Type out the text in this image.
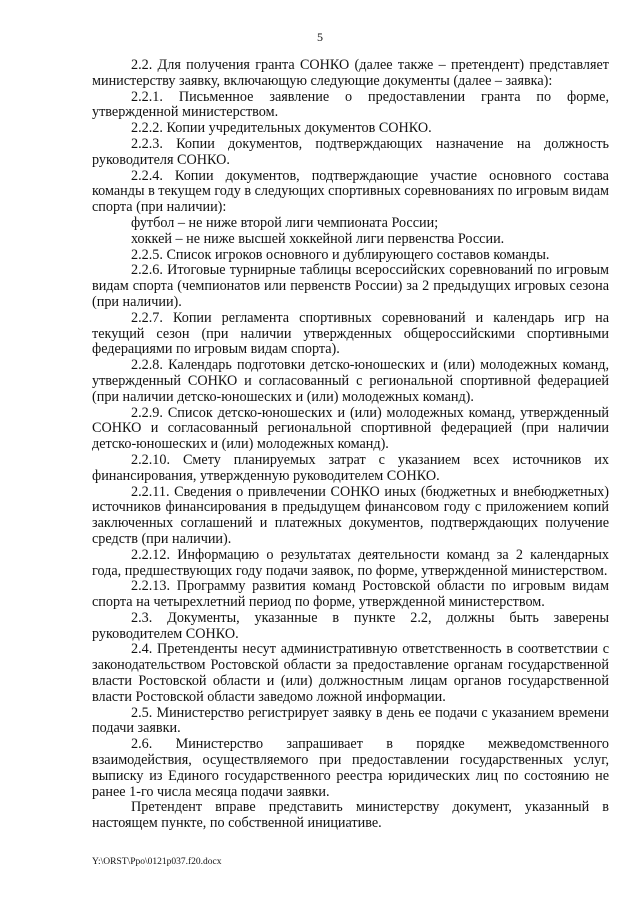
5

2.2. Для получения гранта СОНКО (далее также – претендент) представляет министерству заявку, включающую следующие документы (далее – заявка):

2.2.1. Письменное заявление о предоставлении гранта по форме, утвержденной министерством.

2.2.2. Копии учредительных документов СОНКО.

2.2.3. Копии документов, подтверждающих назначение на должность руководителя СОНКО.

2.2.4. Копии документов, подтверждающие участие основного состава команды в текущем году в следующих спортивных соревнованиях по игровым видам спорта (при наличии):

футбол – не ниже второй лиги чемпионата России;

хоккей – не ниже высшей хоккейной лиги первенства России.

2.2.5. Список игроков основного и дублирующего составов команды.

2.2.6. Итоговые турнирные таблицы всероссийских соревнований по игровым видам спорта (чемпионатов или первенств России) за 2 предыдущих игровых сезона (при наличии).

2.2.7. Копии регламента спортивных соревнований и календарь игр на текущий сезон (при наличии утвержденных общероссийскими спортивными федерациями по игровым видам спорта).

2.2.8. Календарь подготовки детско-юношеских и (или) молодежных команд, утвержденный СОНКО и согласованный с региональной спортивной федерацией (при наличии детско-юношеских и (или) молодежных команд).

2.2.9. Список детско-юношеских и (или) молодежных команд, утвержденный СОНКО и согласованный региональной спортивной федерацией (при наличии детско-юношеских и (или) молодежных команд).

2.2.10. Смету планируемых затрат с указанием всех источников их финансирования, утвержденную руководителем СОНКО.

2.2.11. Сведения о привлечении СОНКО иных (бюджетных и внебюджетных) источников финансирования в предыдущем финансовом году с приложением копий заключенных соглашений и платежных документов, подтверждающих получение средств (при наличии).

2.2.12. Информацию о результатах деятельности команд за 2 календарных года, предшествующих году подачи заявок, по форме, утвержденной министерством.

2.2.13. Программу развития команд Ростовской области по игровым видам спорта на четырехлетний период по форме, утвержденной министерством.

2.3. Документы, указанные в пункте 2.2, должны быть заверены руководителем СОНКО.

2.4. Претенденты несут административную ответственность в соответствии с законодательством Ростовской области за предоставление органам государственной власти Ростовской области и (или) должностным лицам органов государственной власти Ростовской области заведомо ложной информации.

2.5. Министерство регистрирует заявку в день ее подачи с указанием времени подачи заявки.

2.6. Министерство запрашивает в порядке межведомственного взаимодействия, осуществляемого при предоставлении государственных услуг, выписку из Единого государственного реестра юридических лиц по состоянию не ранее 1-го числа месяца подачи заявки.

Претендент вправе представить министерству документ, указанный в настоящем пункте, по собственной инициативе.

Y:\ORST\Ppo\0121p037.f20.docx
